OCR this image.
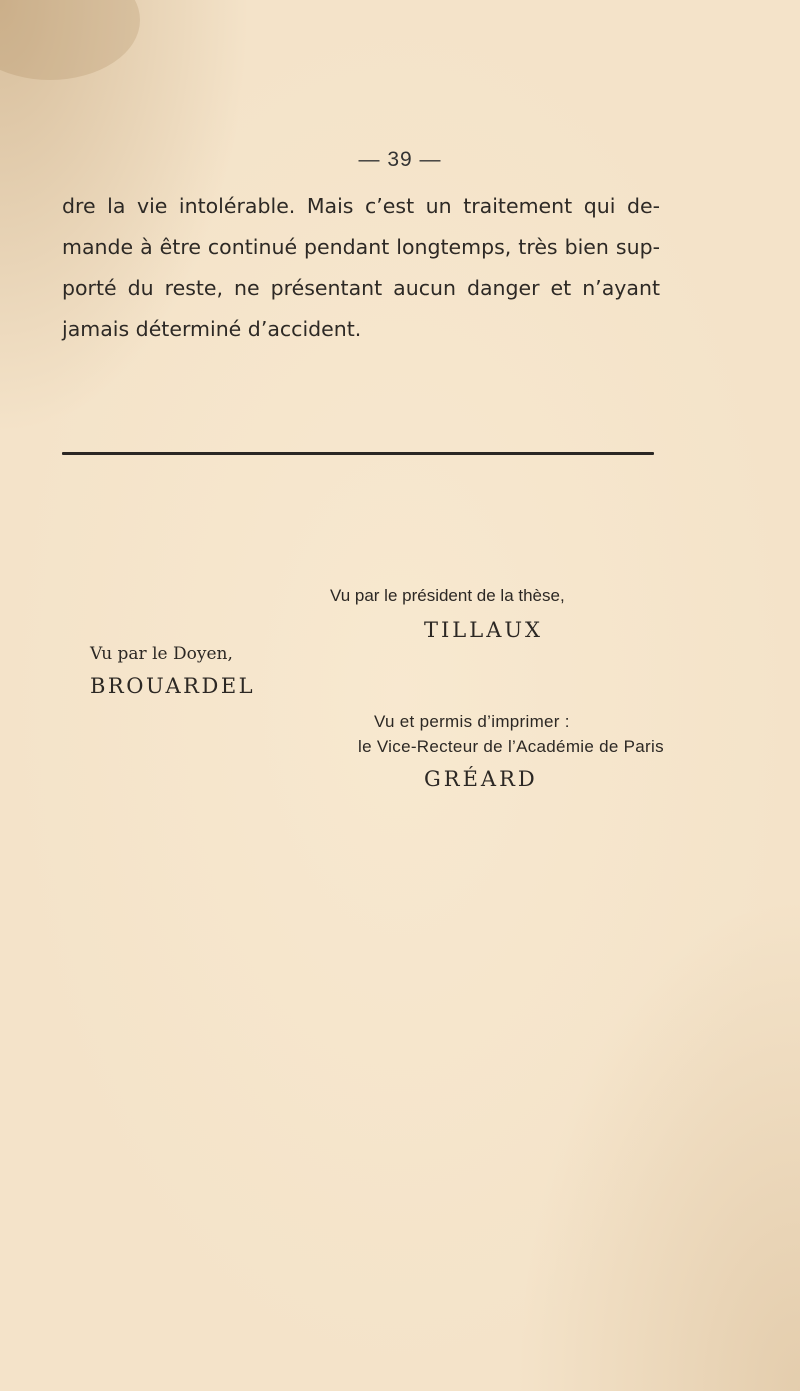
— 39 —
dre la vie intolérable. Mais c’est un traitement qui de-
mande à être continué pendant longtemps, très bien sup-
porté du reste, ne présentant aucun danger et n’ayant
jamais déterminé d’accident.
Vu par le président de la thèse,
TILLAUX
Vu par le Doyen,
BROUARDEL
Vu et permis d’imprimer :
le Vice-Recteur de l’Académie de Paris
GRÉARD
